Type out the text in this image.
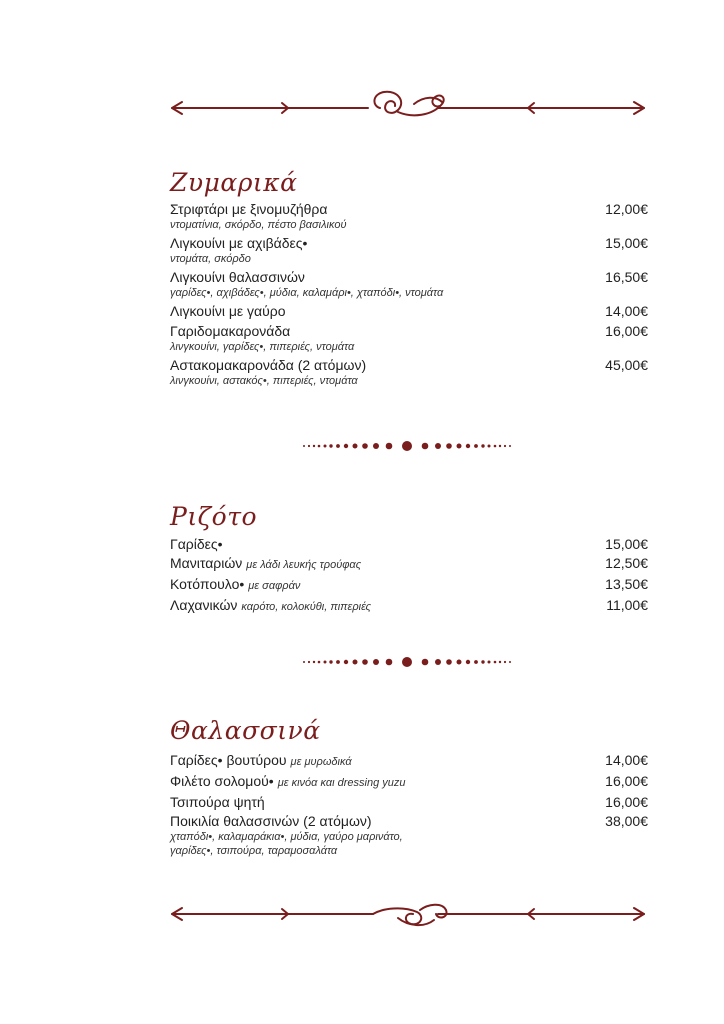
Ζυμαρικά
Στριφτάρι με ξινομυζήθρα	12,00€
ντοματίνια, σκόρδο, πέστο βασιλικού
Λιγκουίνι με αχιβάδες•	15,00€
ντομάτα, σκόρδο
Λιγκουίνι θαλασσινών	16,50€
γαρίδες•, αχιβάδες•, μύδια, καλαμάρι•, χταπόδι•, ντομάτα
Λιγκουίνι με γαύρο	14,00€
Γαριδομακαρονάδα	16,00€
λινγκουίνι, γαρίδες•, πιπεριές, ντομάτα
Αστακομακαρονάδα (2 ατόμων)	45,00€
λινγκουίνι, αστακός•, πιπεριές, ντομάτα
Ριζότο
Γαρίδες•	15,00€
Μανιταριών με λάδι λευκής τρούφας	12,50€
Κοτόπουλο• με σαφράν	13,50€
Λαχανικών καρότο, κολοκύθι, πιπεριές	11,00€
Θαλασσινά
Γαρίδες• βουτύρου με μυρωδικά	14,00€
Φιλέτο σολομού• με κινόα και dressing yuzu	16,00€
Τσιπούρα ψητή	16,00€
Ποικιλία θαλασσινών (2 ατόμων)	38,00€
χταπόδι•, καλαμαράκια•, μύδια, γαύρο μαρινάτο,
γαρίδες•, τσιπούρα, ταραμοσαλάτα
